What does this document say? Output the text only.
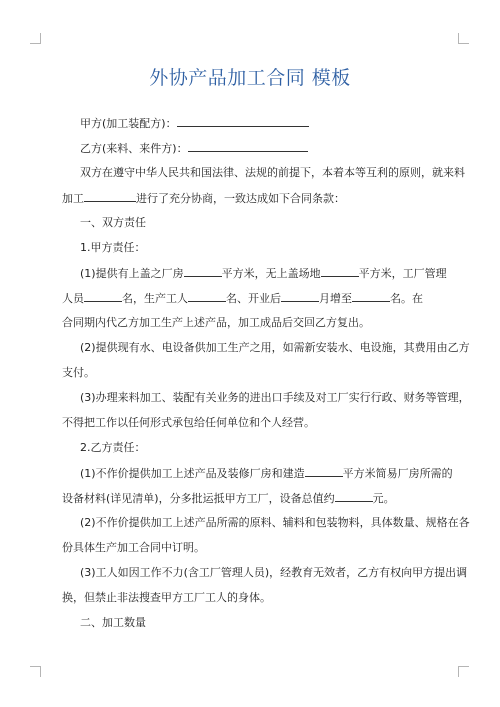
外协产品加工合同 模板
甲方(加工装配方)：
乙方(来料、来件方)：
双方在遵守中华人民共和国法律、法规的前提下，本着本等互利的原则，就来料
加工	进行了充分协商，一致达成如下合同条款：
一、双方责任
1.甲方责任：
(1)提供有上盖之厂房	平方米，无上盖场地	平方米，工厂管理
人员	名，生产工人	名、开业后	月增至	名。在
合同期内代乙方加工生产上述产品，加工成品后交回乙方复出。
(2)提供现有水、电设备供加工生产之用，如需新安装水、电设施，其费用由乙方
支付。
(3)办理来料加工、装配有关业务的进出口手续及对工厂实行行政、财务等管理，
不得把工作以任何形式承包给任何单位和个人经营。
2.乙方责任：
(1)不作价提供加工上述产品及装修厂房和建造	平方米简易厂房所需的
设备材料(详见清单)，分多批运抵甲方工厂，设备总值约	元。
(2)不作价提供加工上述产品所需的原料、辅料和包装物料，具体数量、规格在各
份具体生产加工合同中订明。
(3)工人如因工作不力(含工厂管理人员)，经教育无效者，乙方有权向甲方提出调
换，但禁止非法搜查甲方工厂工人的身体。
二、加工数量
